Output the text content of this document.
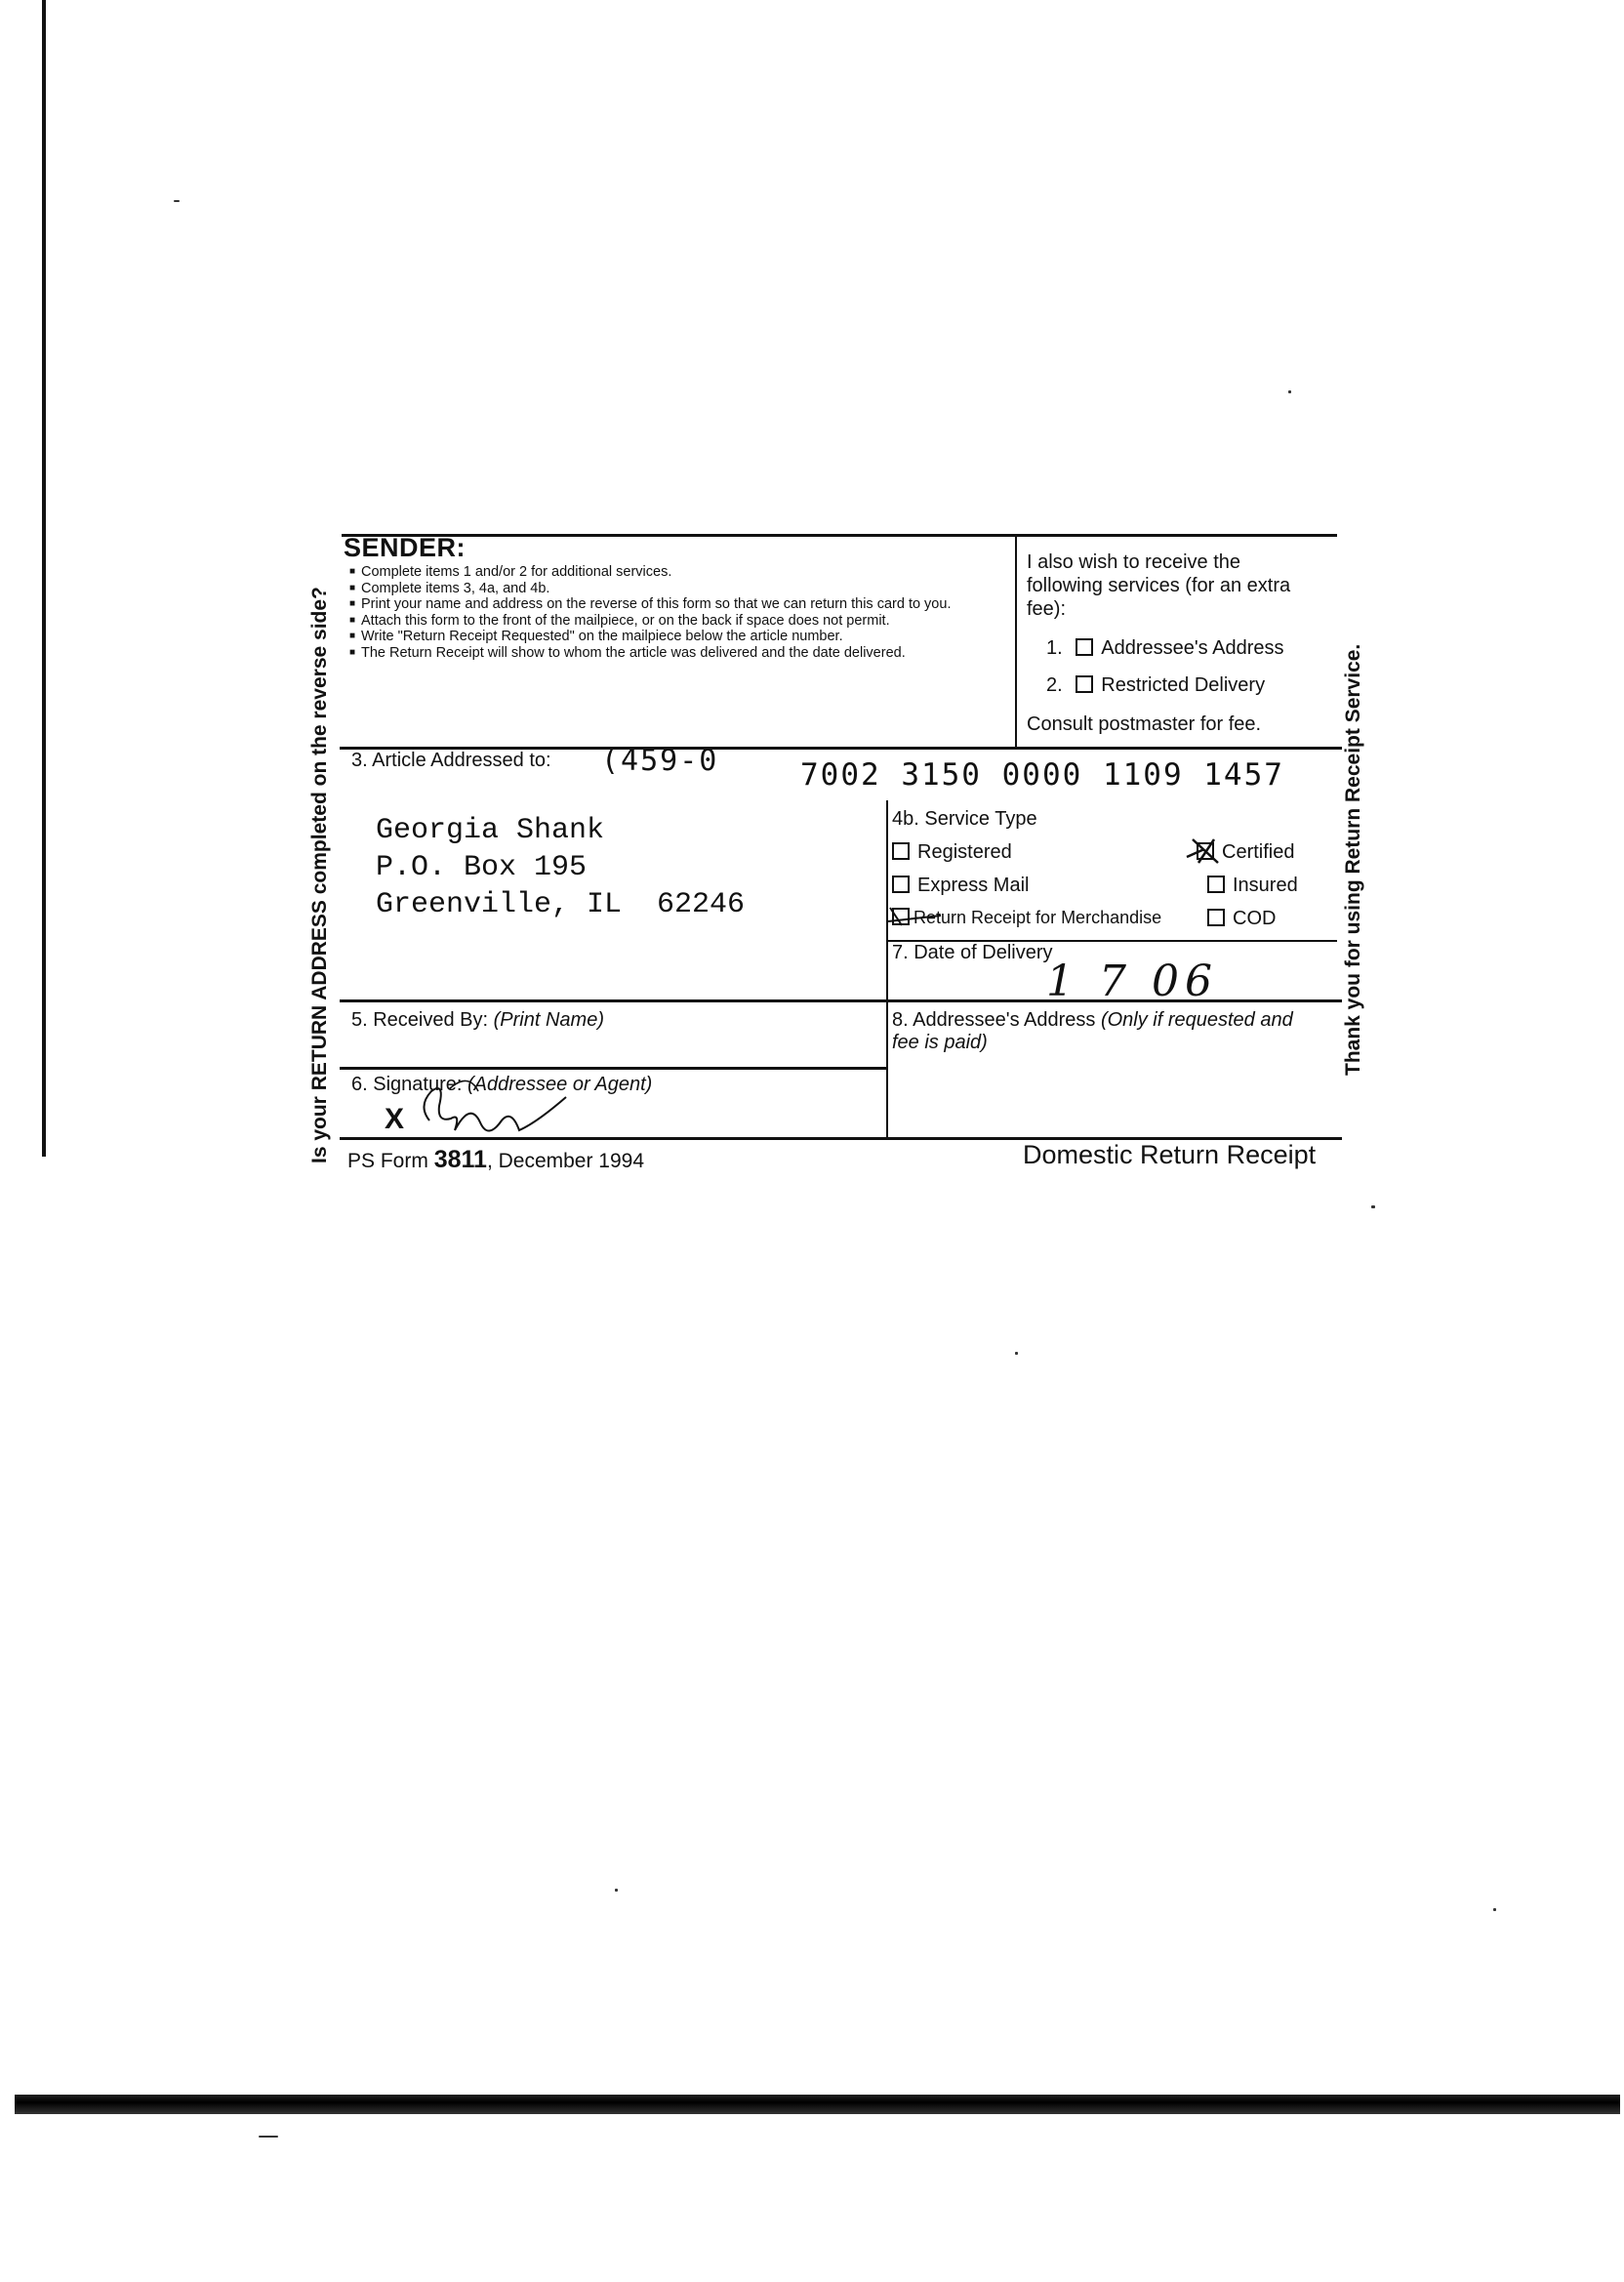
Is your RETURN ADDRESS completed on the reverse side?	Thank you for using Return Receipt Service.
SENDER:
■ Complete items 1 and/or 2 for additional services.
■ Complete items 3, 4a, and 4b.
■ Print your name and address on the reverse of this form so that we can return this card to you.
■ Attach this form to the front of the mailpiece, or on the back if space does not permit.
■ Write "Return Receipt Requested" on the mailpiece below the article number.
■ The Return Receipt will show to whom the article was delivered and the date delivered.
I also wish to receive the following services (for an extra fee):
1. Addressee's Address
2. Restricted Delivery
Consult postmaster for fee.
3. Article Addressed to: (459-0	7002 3150 0000 1109 1457
Georgia Shank
P.O. Box 195
Greenville, IL  62246
4b. Service Type
Registered	Certified
Express Mail	Insured
Return Receipt for Merchandise	COD
7. Date of Delivery
1 7 06
5. Received By: (Print Name)	8. Addressee's Address (Only if requested and fee is paid)
6. Signature: (Addressee or Agent)
X
PS Form 3811, December 1994	Domestic Return Receipt
